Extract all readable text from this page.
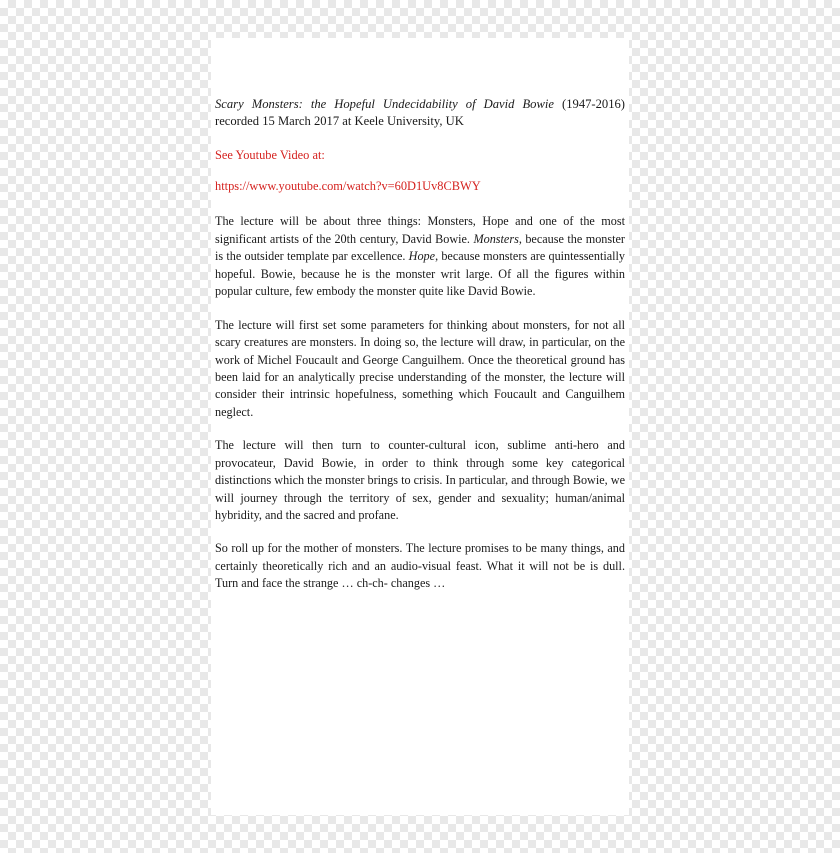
Scary Monsters: the Hopeful Undecidability of David Bowie (1947-2016) recorded 15 March 2017 at Keele University, UK
See Youtube Video at:
https://www.youtube.com/watch?v=60D1Uv8CBWY

The lecture will be about three things: Monsters, Hope and one of the most significant artists of the 20th century, David Bowie. Monsters, because the monster is the outsider template par excellence. Hope, because monsters are quintessentially hopeful. Bowie, because he is the monster writ large. Of all the figures within popular culture, few embody the monster quite like David Bowie.

The lecture will first set some parameters for thinking about monsters, for not all scary creatures are monsters. In doing so, the lecture will draw, in particular, on the work of Michel Foucault and George Canguilhem. Once the theoretical ground has been laid for an analytically precise understanding of the monster, the lecture will consider their intrinsic hopefulness, something which Foucault and Canguilhem neglect.

The lecture will then turn to counter-cultural icon, sublime anti-hero and provocateur, David Bowie, in order to think through some key categorical distinctions which the monster brings to crisis. In particular, and through Bowie, we will journey through the territory of sex, gender and sexuality; human/animal hybridity, and the sacred and profane.

So roll up for the mother of monsters. The lecture promises to be many things, and certainly theoretically rich and an audio-visual feast. What it will not be is dull. Turn and face the strange … ch-ch- changes …
